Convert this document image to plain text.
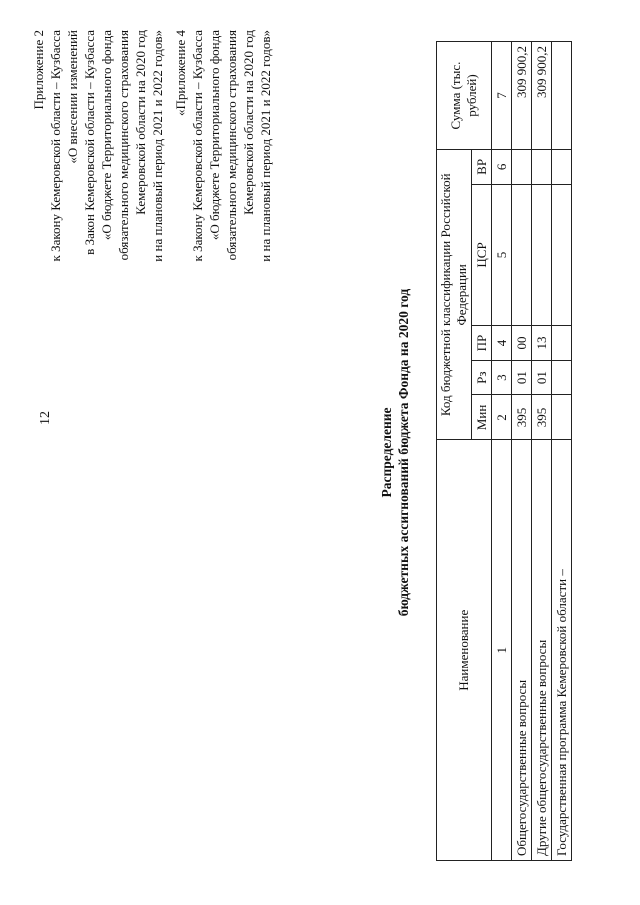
12
Приложение 2 к Закону Кемеровской области – Кузбасса «О внесении изменений в Закон Кемеровской области – Кузбасса «О бюджете Территориального фонда обязательного медицинского страхования Кемеровской области на 2020 год и на плановый период 2021 и 2022 годов» «Приложение 4 к Закону Кемеровской области – Кузбасса «О бюджете Территориального фонда обязательного медицинского страхования Кемеровской области на 2020 год и на плановый период 2021 и 2022 годов»
Распределение бюджетных ассигнований бюджета Фонда на 2020 год
Наименование	Код бюджетной классификации Российской Федерации					Сумма (тыс. рублей)
	Мин	Рз	ПР	ЦСР	ВР	
1	2	3	4	5	6	7
Общегосударственные вопросы	395	01	00			309 900,2
Другие общегосударственные вопросы	395	01	13			309 900,2
Государственная программа Кемеровской области –						
